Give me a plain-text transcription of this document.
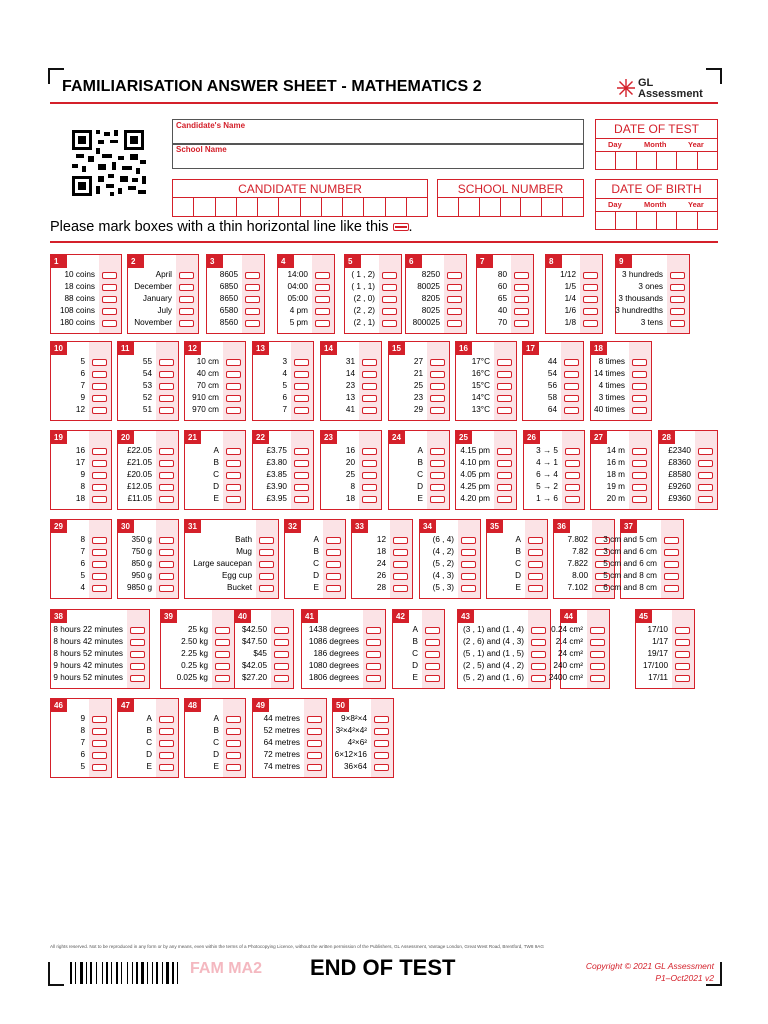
FAMILIARISATION ANSWER SHEET - MATHEMATICS 2	GL
Assessment
Candidate's Name
School Name
DATE OF TEST
Day	Month	Year
CANDIDATE NUMBER	SCHOOL NUMBER	DATE OF BIRTH
Day	Month	Year
Please mark boxes with a thin horizontal line like this .
1
10 coins
18 coins
88 coins
108 coins
180 coins
2
April
December
January
July
November
3
8605
6850
8650
6580
8560
4
14:00
04:00
05:00
4 pm
5 pm
5
( 1 , 2)
( 1 , 1)
(2 , 0)
(2 , 2)
(2 , 1)
6
8250
80025
8205
8025
800025
7
80
60
65
40
70
8
1/12
1/5
1/4
1/6
1/8
9
3 hundreds
3 ones
3 thousands
3 hundredths
3 tens
10
5
6
7
9
12
11
55
54
53
52
51
12
10 cm
40 cm
70 cm
910 cm
970 cm
13
3
4
5
6
7
14
31
14
23
13
41
15
27
21
25
23
29
16
17°C
16°C
15°C
14°C
13°C
17
44
54
56
58
64
18
8 times
14 times
4 times
3 times
40 times
19
16
17
9
8
18
20
£22.05
£21.05
£20.05
£12.05
£11.05
21
A
B
C
D
E
22
£3.75
£3.80
£3.85
£3.90
£3.95
23
16
20
25
8
18
24
A
B
C
D
E
25
4.15 pm
4.10 pm
4.05 pm
4.25 pm
4.20 pm
26
3 → 5
4 → 1
6 → 4
5 → 2
1 → 6
27
14 m
16 m
18 m
19 m
20 m
28
£2340
£8360
£8580
£9260
£9360
29
8
7
6
5
4
30
350 g
750 g
850 g
950 g
9850 g
31
Bath
Mug
Large saucepan
Egg cup
Bucket
32
A
B
C
D
E
33
12
18
24
26
28
34
(6 , 4)
(4 , 2)
(5 , 2)
(4 , 3)
(5 , 3)
35
A
B
C
D
E
36
7.802
7.82
7.822
8.00
7.102
37
3 cm and 5 cm
3 cm and 6 cm
5 cm and 6 cm
5 cm and 8 cm
6 cm and 8 cm
38
8 hours 22 minutes
8 hours 42 minutes
8 hours 52 minutes
9 hours 42 minutes
9 hours 52 minutes
39
25 kg
2.50 kg
2.25 kg
0.25 kg
0.025 kg
40
$42.50
$47.50
$45
$42.05
$27.20
41
1438 degrees
1086 degrees
186 degrees
1080 degrees
1806 degrees
42
A
B
C
D
E
43
(3 , 1) and (1 , 4)
(2 , 6) and (4 , 3)
(5 , 1) and (1 , 5)
(2 , 5) and (4 , 2)
(5 , 2) and (1 , 6)
44
0.24 cm²
2.4 cm²
24 cm²
240 cm²
2400 cm²
45
17/10
1/17
19/17
17/100
17/11
46
9
8
7
6
5
47
A
B
C
D
E
48
A
B
C
D
E
49
44 metres
52 metres
64 metres
72 metres
74 metres
50
9×8²×4
3²×4²×4²
4²×6²
6×12×16
36×64
All rights reserved. Not to be reproduced in any form or by any means, even within the terms of a Photocopying Licence, without the written permission of the Publishers, GL Assessment, Vantage London, Great West Road, Brentford, TW8 9AG
FAM MA2 END OF TEST	Copyright © 2021 GL Assessment
P1–Oct2021 v2
